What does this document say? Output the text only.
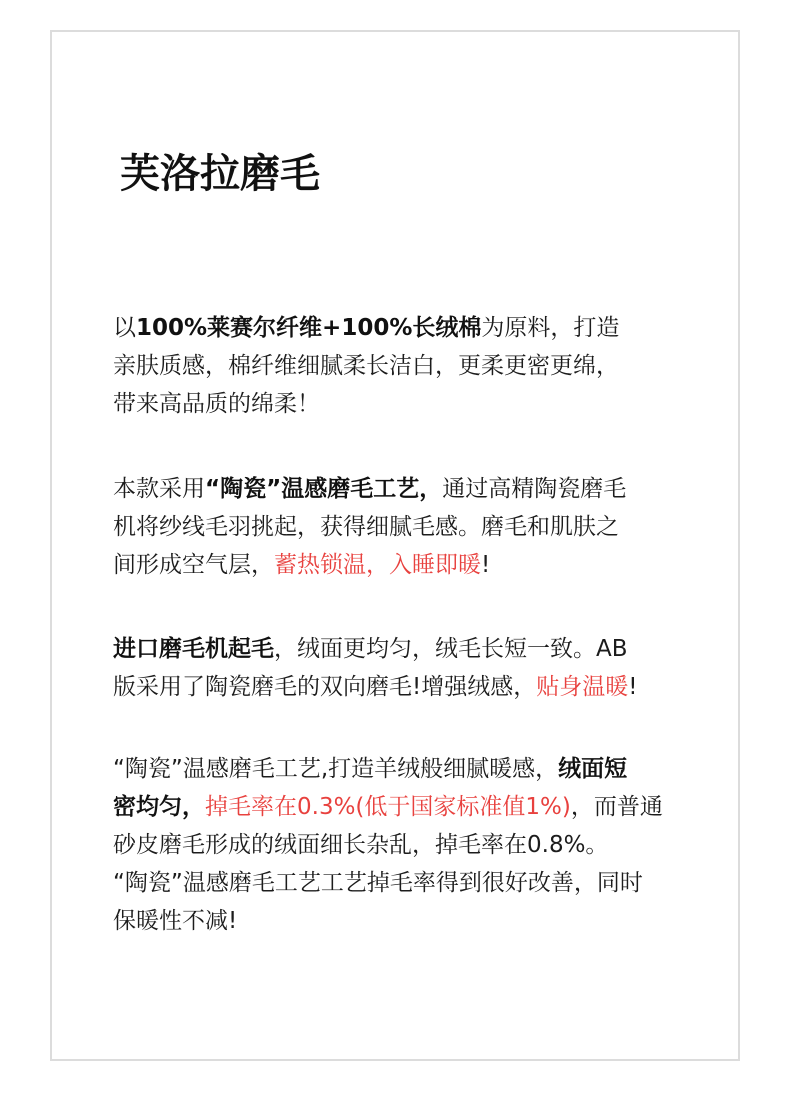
芙洛拉磨毛
以100%莱赛尔纤维+100%长绒棉为原料，打造
亲肤质感，棉纤维细腻柔长洁白，更柔更密更绵，
带来高品质的绵柔！
本款采用“陶瓷”温感磨毛工艺，通过高精陶瓷磨毛
机将纱线毛羽挑起，获得细腻毛感。磨毛和肌肤之
间形成空气层，蓄热锁温，入睡即暖!
进口磨毛机起毛，绒面更均匀，绒毛长短一致。AB
版采用了陶瓷磨毛的双向磨毛!增强绒感，贴身温暖!
“陶瓷”温感磨毛工艺,打造羊绒般细腻暖感，绒面短
密均匀，掉毛率在0.3%(低于国家标准值1%)，而普通
砂皮磨毛形成的绒面细长杂乱，掉毛率在0.8%。
“陶瓷”温感磨毛工艺工艺掉毛率得到很好改善，同时
保暖性不减!
